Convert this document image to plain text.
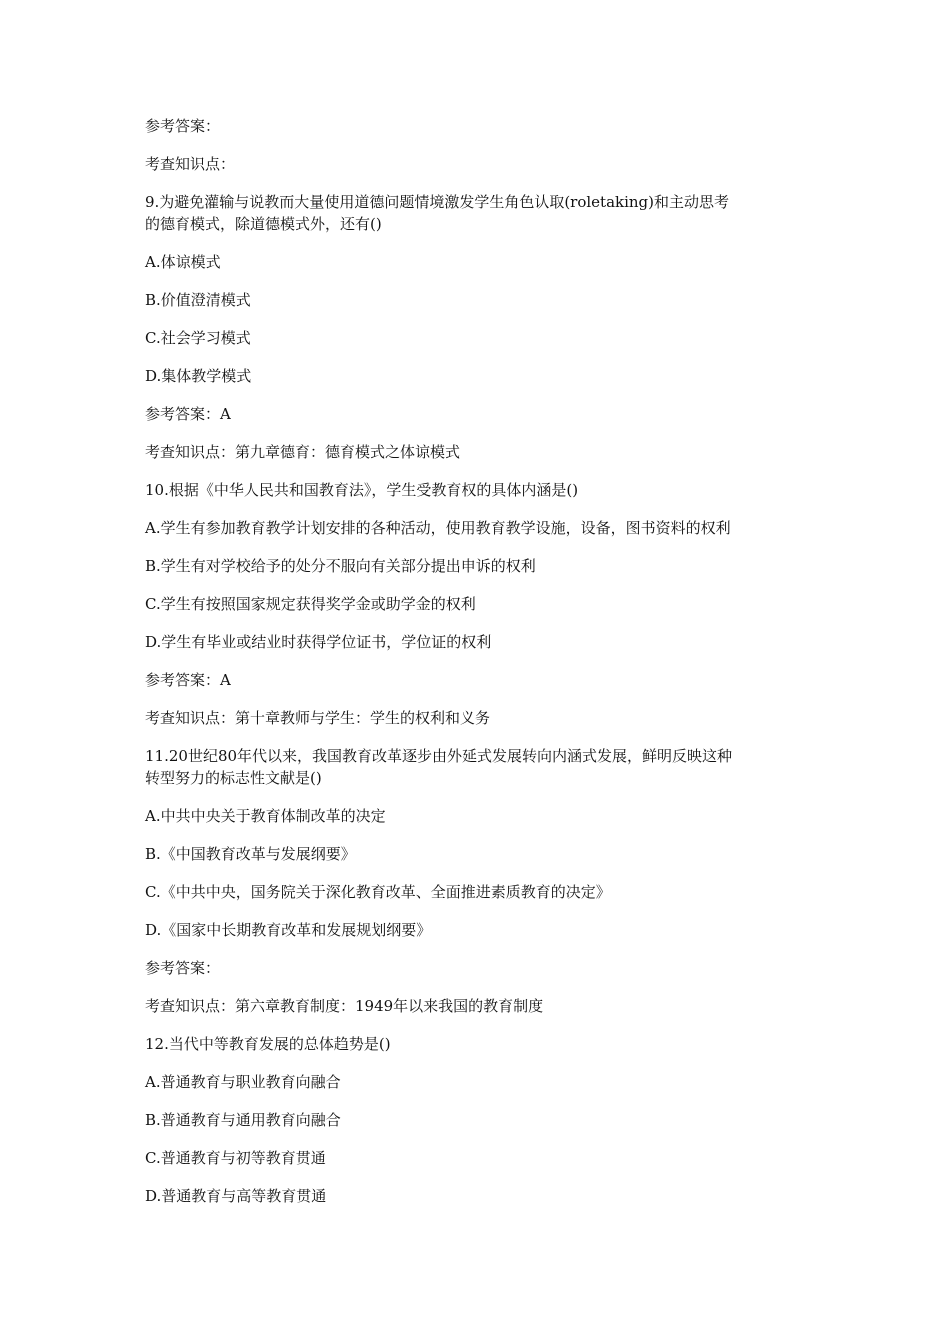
参考答案：
考查知识点：
9.为避免灌输与说教而大量使用道德问题情境激发学生角色认取(roletaking)和主动思考
的德育模式，除道德模式外，还有()
A.体谅模式
B.价值澄清模式
C.社会学习模式
D.集体教学模式
参考答案：A
考查知识点：第九章德育：德育模式之体谅模式
10.根据《中华人民共和国教育法》，学生受教育权的具体内涵是()
A.学生有参加教育教学计划安排的各种活动，使用教育教学设施，设备，图书资料的权利
B.学生有对学校给予的处分不服向有关部分提出申诉的权利
C.学生有按照国家规定获得奖学金或助学金的权利
D.学生有毕业或结业时获得学位证书，学位证的权利
参考答案：A
考查知识点：第十章教师与学生：学生的权利和义务
11.20世纪80年代以来，我国教育改革逐步由外延式发展转向内涵式发展，鲜明反映这种
转型努力的标志性文献是()
A.中共中央关于教育体制改革的决定
B.《中国教育改革与发展纲要》
C.《中共中央，国务院关于深化教育改革、全面推进素质教育的决定》
D.《国家中长期教育改革和发展规划纲要》
参考答案：
考查知识点：第六章教育制度：1949年以来我国的教育制度
12.当代中等教育发展的总体趋势是()
A.普通教育与职业教育向融合
B.普通教育与通用教育向融合
C.普通教育与初等教育贯通
D.普通教育与高等教育贯通
